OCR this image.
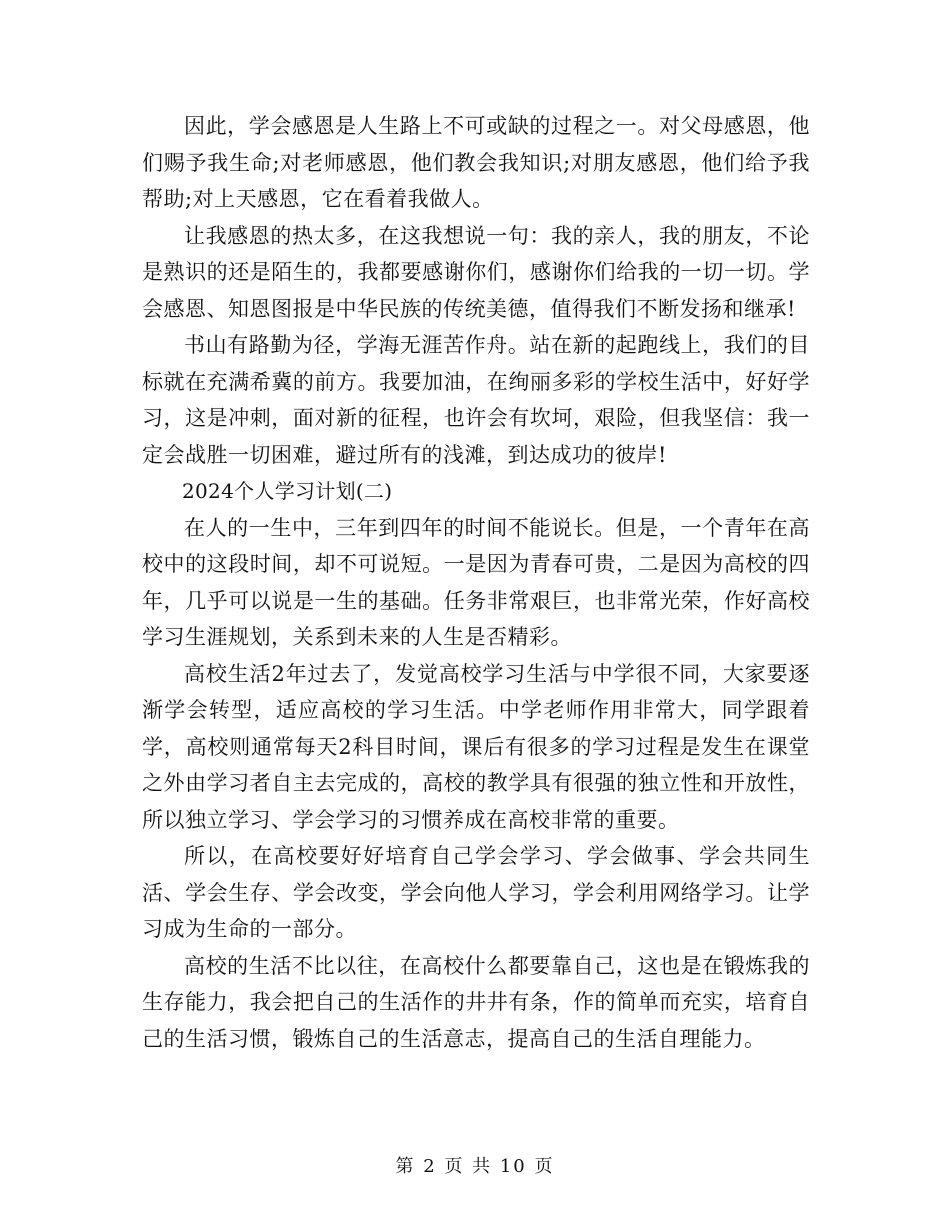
因此，学会感恩是人生路上不可或缺的过程之一。对父母感恩，他们赐予我生命;对老师感恩，他们教会我知识;对朋友感恩，他们给予我帮助;对上天感恩，它在看着我做人。

让我感恩的热太多，在这我想说一句：我的亲人，我的朋友，不论是熟识的还是陌生的，我都要感谢你们，感谢你们给我的一切一切。学会感恩、知恩图报是中华民族的传统美德，值得我们不断发扬和继承!

书山有路勤为径，学海无涯苦作舟。站在新的起跑线上，我们的目标就在充满希冀的前方。我要加油，在绚丽多彩的学校生活中，好好学习，这是冲刺，面对新的征程，也许会有坎坷，艰险，但我坚信：我一定会战胜一切困难，避过所有的浅滩，到达成功的彼岸!

2024个人学习计划(二)

在人的一生中，三年到四年的时间不能说长。但是，一个青年在高校中的这段时间，却不可说短。一是因为青春可贵，二是因为高校的四年，几乎可以说是一生的基础。任务非常艰巨，也非常光荣，作好高校学习生涯规划，关系到未来的人生是否精彩。

高校生活2年过去了，发觉高校学习生活与中学很不同，大家要逐渐学会转型，适应高校的学习生活。中学老师作用非常大，同学跟着学，高校则通常每天2科目时间，课后有很多的学习过程是发生在课堂之外由学习者自主去完成的，高校的教学具有很强的独立性和开放性，所以独立学习、学会学习的习惯养成在高校非常的重要。

所以，在高校要好好培育自己学会学习、学会做事、学会共同生活、学会生存、学会改变，学会向他人学习，学会利用网络学习。让学习成为生命的一部分。

高校的生活不比以往，在高校什么都要靠自己，这也是在锻炼我的生存能力，我会把自己的生活作的井井有条，作的简单而充实，培育自己的生活习惯，锻炼自己的生活意志，提高自己的生活自理能力。

第 2 页 共 10 页
